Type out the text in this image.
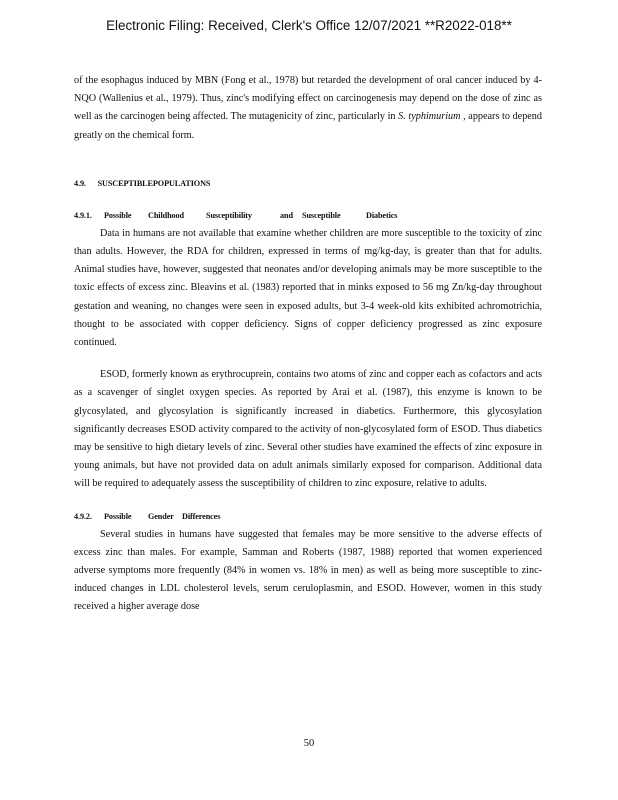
Electronic Filing: Received, Clerk's Office 12/07/2021 **R2022-018**

of the esophagus induced by MBN (Fong et al., 1978) but retarded the development of oral cancer induced by 4-NQO (Wallenius et al., 1979). Thus, zinc's modifying effect on carcinogenesis may depend on the dose of zinc as well as the carcinogen being affected. The mutagenicity of zinc, particularly in S. typhimurium , appears to depend greatly on the chemical form.

4.9. SUSCEPTIBLEPOPULATIONS
4.9.1.	Possible	Childhood	Susceptibility	and	Susceptible	Diabetics

Data in humans are not available that examine whether children are more susceptible to the toxicity of zinc than adults. However, the RDA for children, expressed in terms of mg/kg-day, is greater than that for adults. Animal studies have, however, suggested that neonates and/or developing animals may be more susceptible to the toxic effects of excess zinc. Bleavins et al. (1983) reported that in minks exposed to 56 mg Zn/kg-day throughout gestation and weaning, no changes were seen in exposed adults, but 3-4 week-old kits exhibited achromotrichia, thought to be associated with copper deficiency. Signs of copper deficiency progressed as zinc exposure continued.

ESOD, formerly known as erythrocuprein, contains two atoms of zinc and copper each as cofactors and acts as a scavenger of singlet oxygen species. As reported by Arai et al. (1987), this enzyme is known to be glycosylated, and glycosylation is significantly increased in diabetics. Furthermore, this glycosylation significantly decreases ESOD activity compared to the activity of non-glycosylated form of ESOD. Thus diabetics may be sensitive to high dietary levels of zinc. Several other studies have examined the effects of zinc exposure in young animals, but have not provided data on adult animals similarly exposed for comparison. Additional data will be required to adequately assess the susceptibility of children to zinc exposure, relative to adults.

4.9.2.	Possible	Gender	Differences

Several studies in humans have suggested that females may be more sensitive to the adverse effects of excess zinc than males. For example, Samman and Roberts (1987, 1988) reported that women experienced adverse symptoms more frequently (84% in women vs. 18% in men) as well as being more susceptible to zinc-induced changes in LDL cholesterol levels, serum ceruloplasmin, and ESOD. However, women in this study received a higher average dose

50
